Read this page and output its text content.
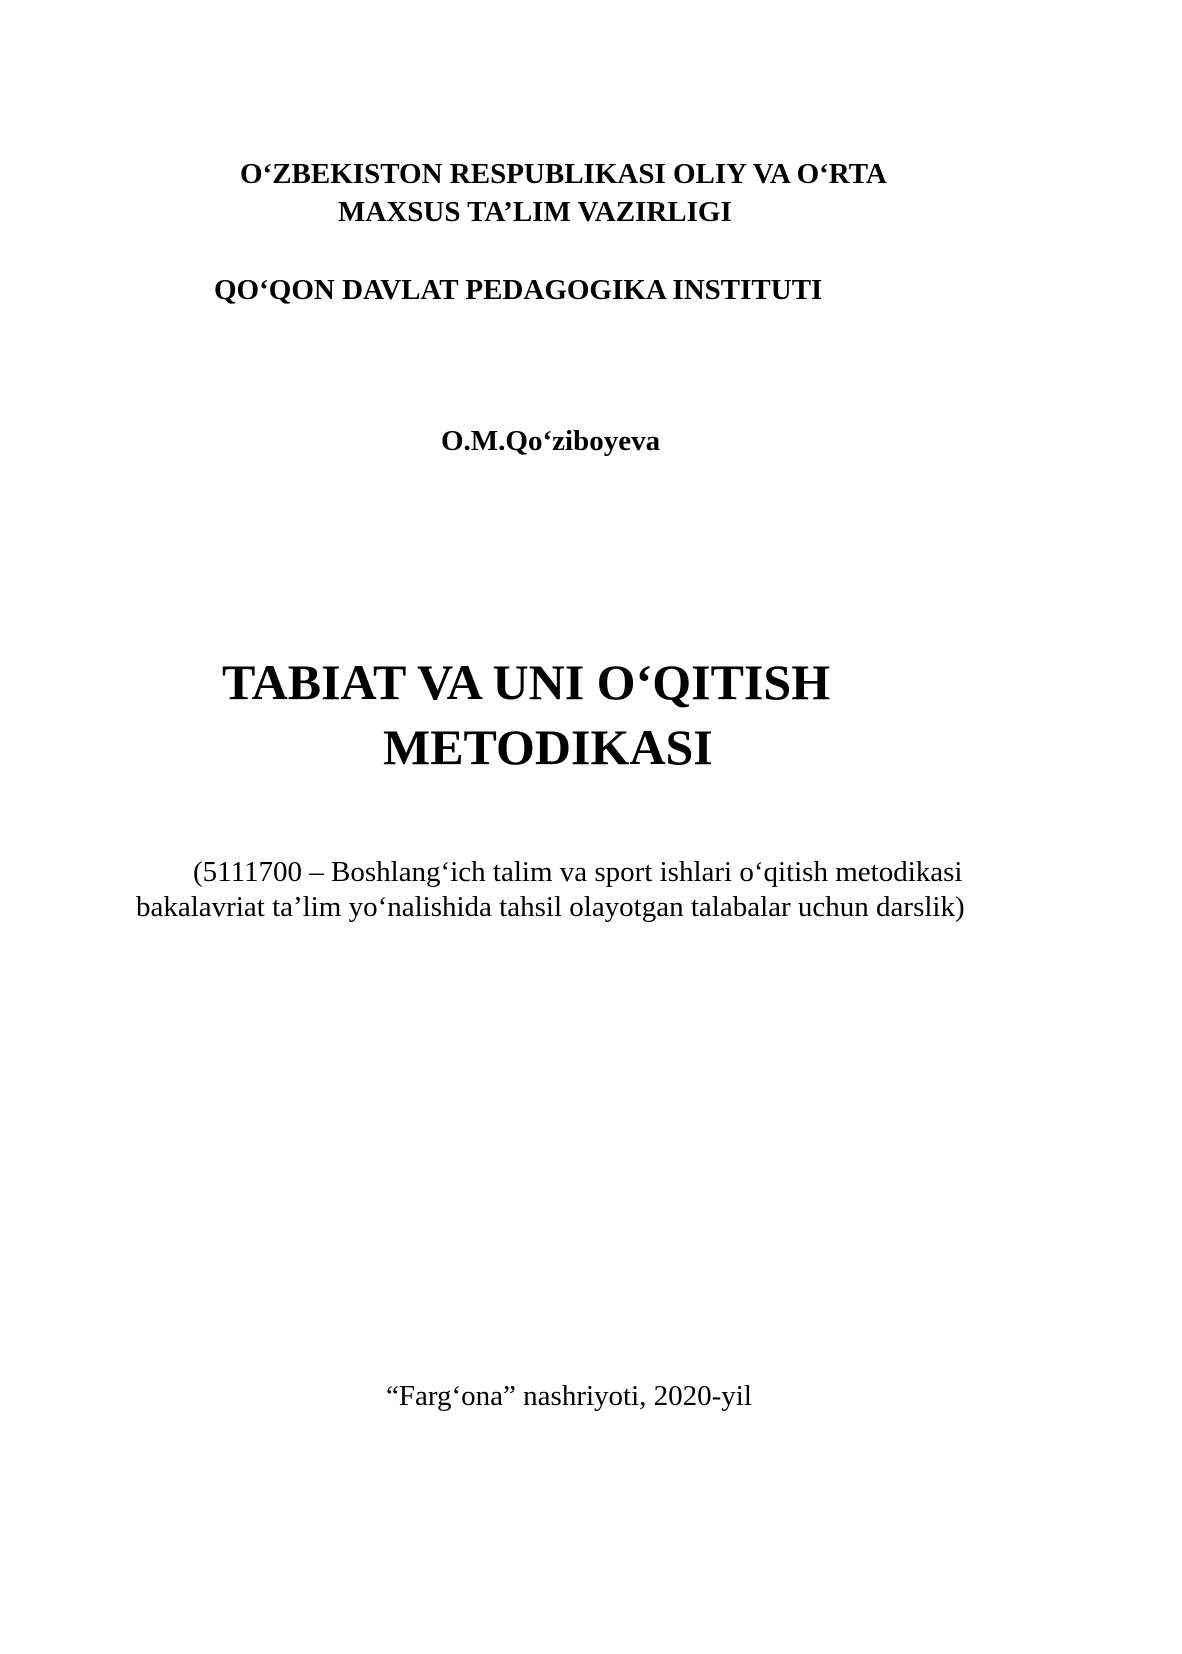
O‘ZBEKISTON RESPUBLIKASI OLIY VA O‘RTA
MAXSUS TA’LIM VAZIRLIGI
QO‘QON DAVLAT PEDAGOGIKA INSTITUTI
O.M.Qo‘ziboyeva
TABIAT VA UNI O‘QITISH
METODIKASI
(5111700 – Boshlang‘ich talim va sport ishlari o‘qitish metodikasi
bakalavriat ta’lim yo‘nalishida tahsil olayotgan talabalar uchun darslik)
“Farg‘ona” nashriyoti, 2020-yil
